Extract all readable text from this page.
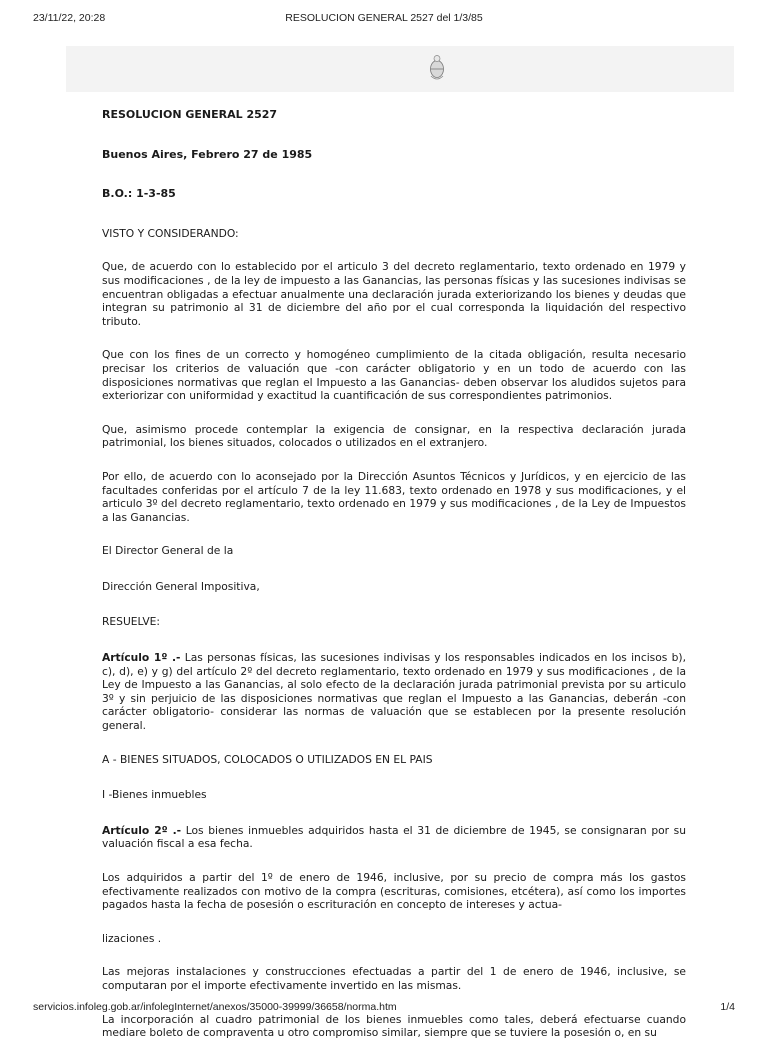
23/11/22, 20:28	RESOLUCION GENERAL 2527 del 1/3/85
RESOLUCION GENERAL 2527
Buenos Aires, Febrero 27 de 1985
B.O.: 1-3-85
VISTO Y CONSIDERANDO:
Que, de acuerdo con lo establecido por el articulo 3 del decreto reglamentario, texto ordenado en 1979 y sus modificaciones , de la ley de impuesto a las Ganancias, las personas físicas y las sucesiones indivisas se encuentran obligadas a efectuar anualmente una declaración jurada exteriorizando los bienes y deudas que integran su patrimonio al 31 de diciembre del año por el cual corresponda la liquidación del respectivo tributo.
Que con los fines de un correcto y homogéneo cumplimiento de la citada obligación, resulta necesario precisar los criterios de valuación que -con carácter obligatorio y en un todo de acuerdo con las disposiciones normativas que reglan el Impuesto a las Ganancias- deben observar los aludidos sujetos para exteriorizar con uniformidad y exactitud la cuantificación de sus correspondientes patrimonios.
Que, asimismo procede contemplar la exigencia de consignar, en la respectiva declaración jurada patrimonial, los bienes situados, colocados o utilizados en el extranjero.
Por ello, de acuerdo con lo aconsejado por la Dirección Asuntos Técnicos y Jurídicos, y en ejercicio de las facultades conferidas por el artículo 7 de la ley 11.683, texto ordenado en 1978 y sus modificaciones, y el articulo 3º del decreto reglamentario, texto ordenado en 1979 y sus modificaciones , de la Ley de Impuestos a las Ganancias.
El Director General de la
Dirección General Impositiva,
RESUELVE:
Artículo 1º .- Las personas físicas, las sucesiones indivisas y los responsables indicados en los incisos b), c), d), e) y g) del artículo 2º del decreto reglamentario, texto ordenado en 1979 y sus modificaciones , de la Ley de Impuesto a las Ganancias, al solo efecto de la declaración jurada patrimonial prevista por su articulo 3º y sin perjuicio de las disposiciones normativas que reglan el Impuesto a las Ganancias, deberán -con carácter obligatorio- considerar las normas de valuación que se establecen por la presente resolución general.
A - BIENES SITUADOS, COLOCADOS O UTILIZADOS EN EL PAIS
I -Bienes inmuebles
Artículo 2º .- Los bienes inmuebles adquiridos hasta el 31 de diciembre de 1945, se consignaran por su valuación fiscal a esa fecha.
Los adquiridos a partir del 1º de enero de 1946, inclusive, por su precio de compra más los gastos efectivamente realizados con motivo de la compra (escrituras, comisiones, etcétera), así como los importes pagados hasta la fecha de posesión o escrituración en concepto de intereses y actua-
lizaciones .
Las mejoras instalaciones y construcciones efectuadas a partir del 1 de enero de 1946, inclusive, se computaran por el importe efectivamente invertido en las mismas.
La incorporación al cuadro patrimonial de los bienes inmuebles como tales, deberá efectuarse cuando mediare boleto de compraventa u otro compromiso similar, siempre que se tuviere la posesión o, en su
servicios.infoleg.gob.ar/infolegInternet/anexos/35000-39999/36658/norma.htm	1/4
